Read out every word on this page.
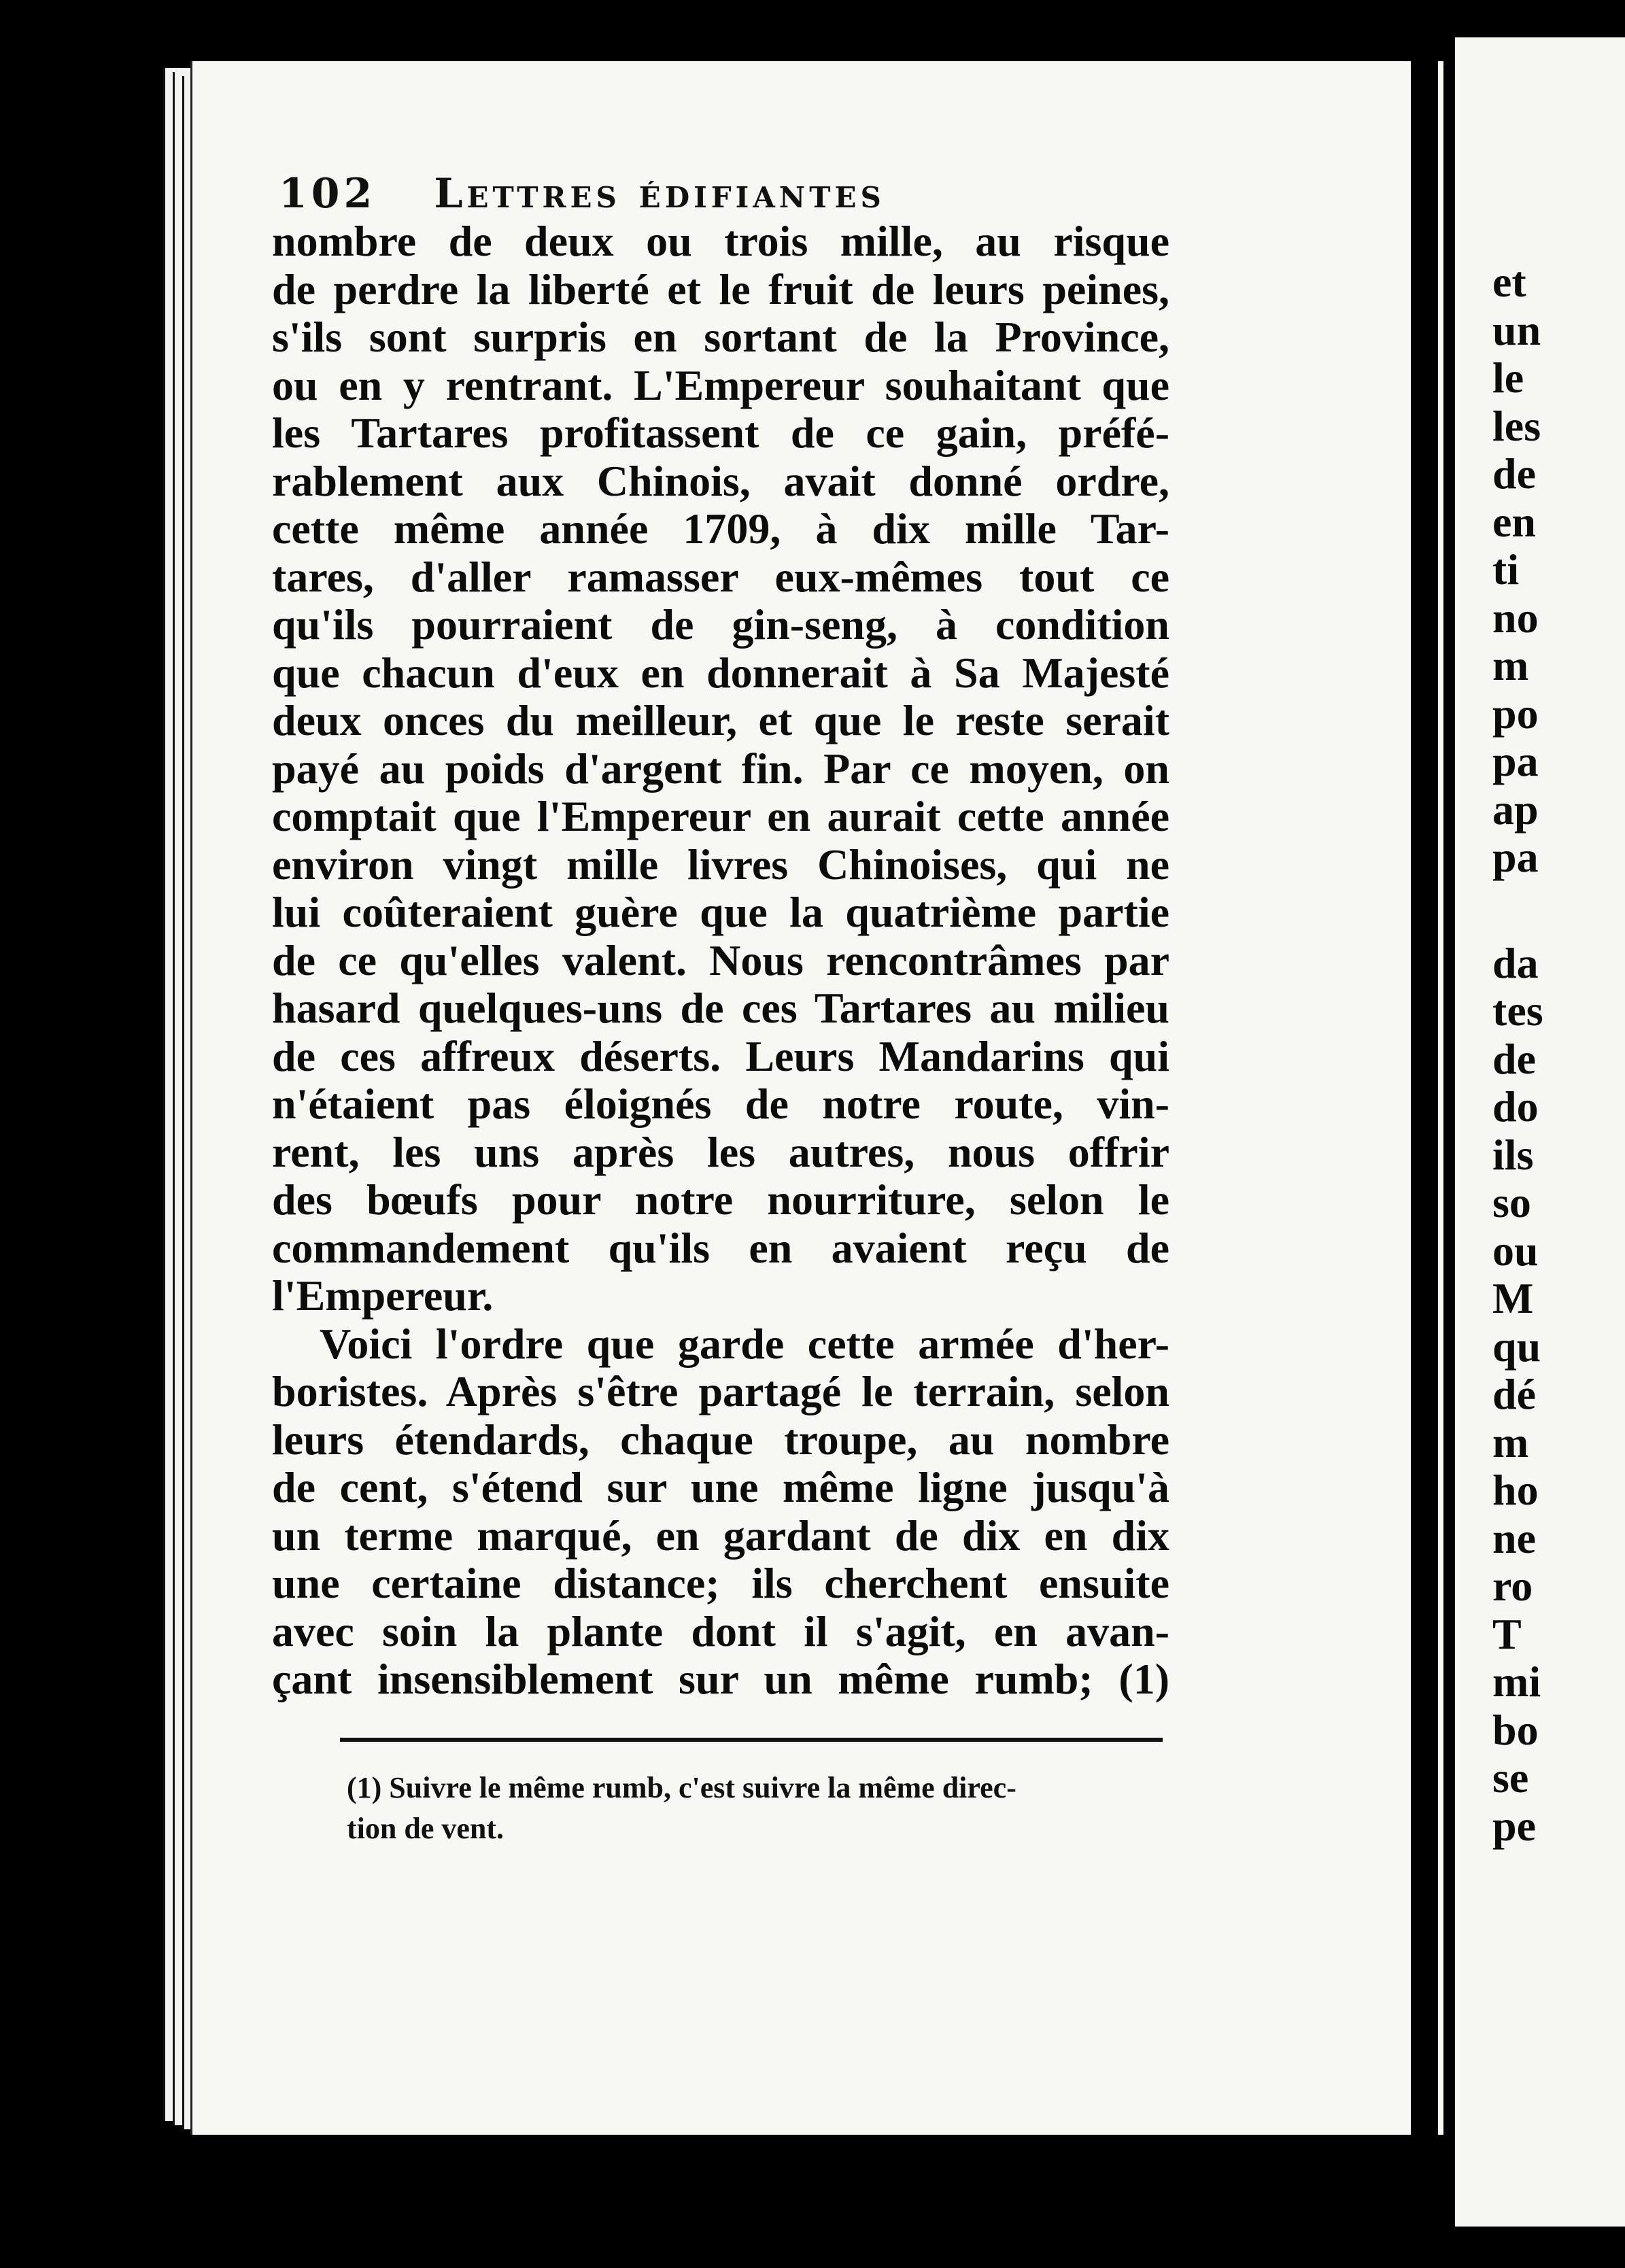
102 Lettres édifiantes
nombre de deux ou trois mille, au risque
de perdre la liberté et le fruit de leurs peines,
s'ils sont surpris en sortant de la Province,
ou en y rentrant. L'Empereur souhaitant que
les Tartares profitassent de ce gain, préfé-
rablement aux Chinois, avait donné ordre,
cette même année 1709, à dix mille Tar-
tares, d'aller ramasser eux-mêmes tout ce
qu'ils pourraient de gin-seng, à condition
que chacun d'eux en donnerait à Sa Majesté
deux onces du meilleur, et que le reste serait
payé au poids d'argent fin. Par ce moyen, on
comptait que l'Empereur en aurait cette année
environ vingt mille livres Chinoises, qui ne
lui coûteraient guère que la quatrième partie
de ce qu'elles valent. Nous rencontrâmes par
hasard quelques-uns de ces Tartares au milieu
de ces affreux déserts. Leurs Mandarins qui
n'étaient pas éloignés de notre route, vin-
rent, les uns après les autres, nous offrir
des bœufs pour notre nourriture, selon le
commandement qu'ils en avaient reçu de
l'Empereur.
Voici l'ordre que garde cette armée d'her-
boristes. Après s'être partagé le terrain, selon
leurs étendards, chaque troupe, au nombre
de cent, s'étend sur une même ligne jusqu'à
un terme marqué, en gardant de dix en dix
une certaine distance; ils cherchent ensuite
avec soin la plante dont il s'agit, en avan-
çant insensiblement sur un même rumb; (1)
(1) Suivre le même rumb, c'est suivre la même direc-
tion de vent.
et
un
le
les
de
en
ti
no
m
po
pa
ap
pa
da
tes
de
do
ils
so
ou
M
qu
dé
m
ho
ne
ro
T
mi
bo
se
pe
